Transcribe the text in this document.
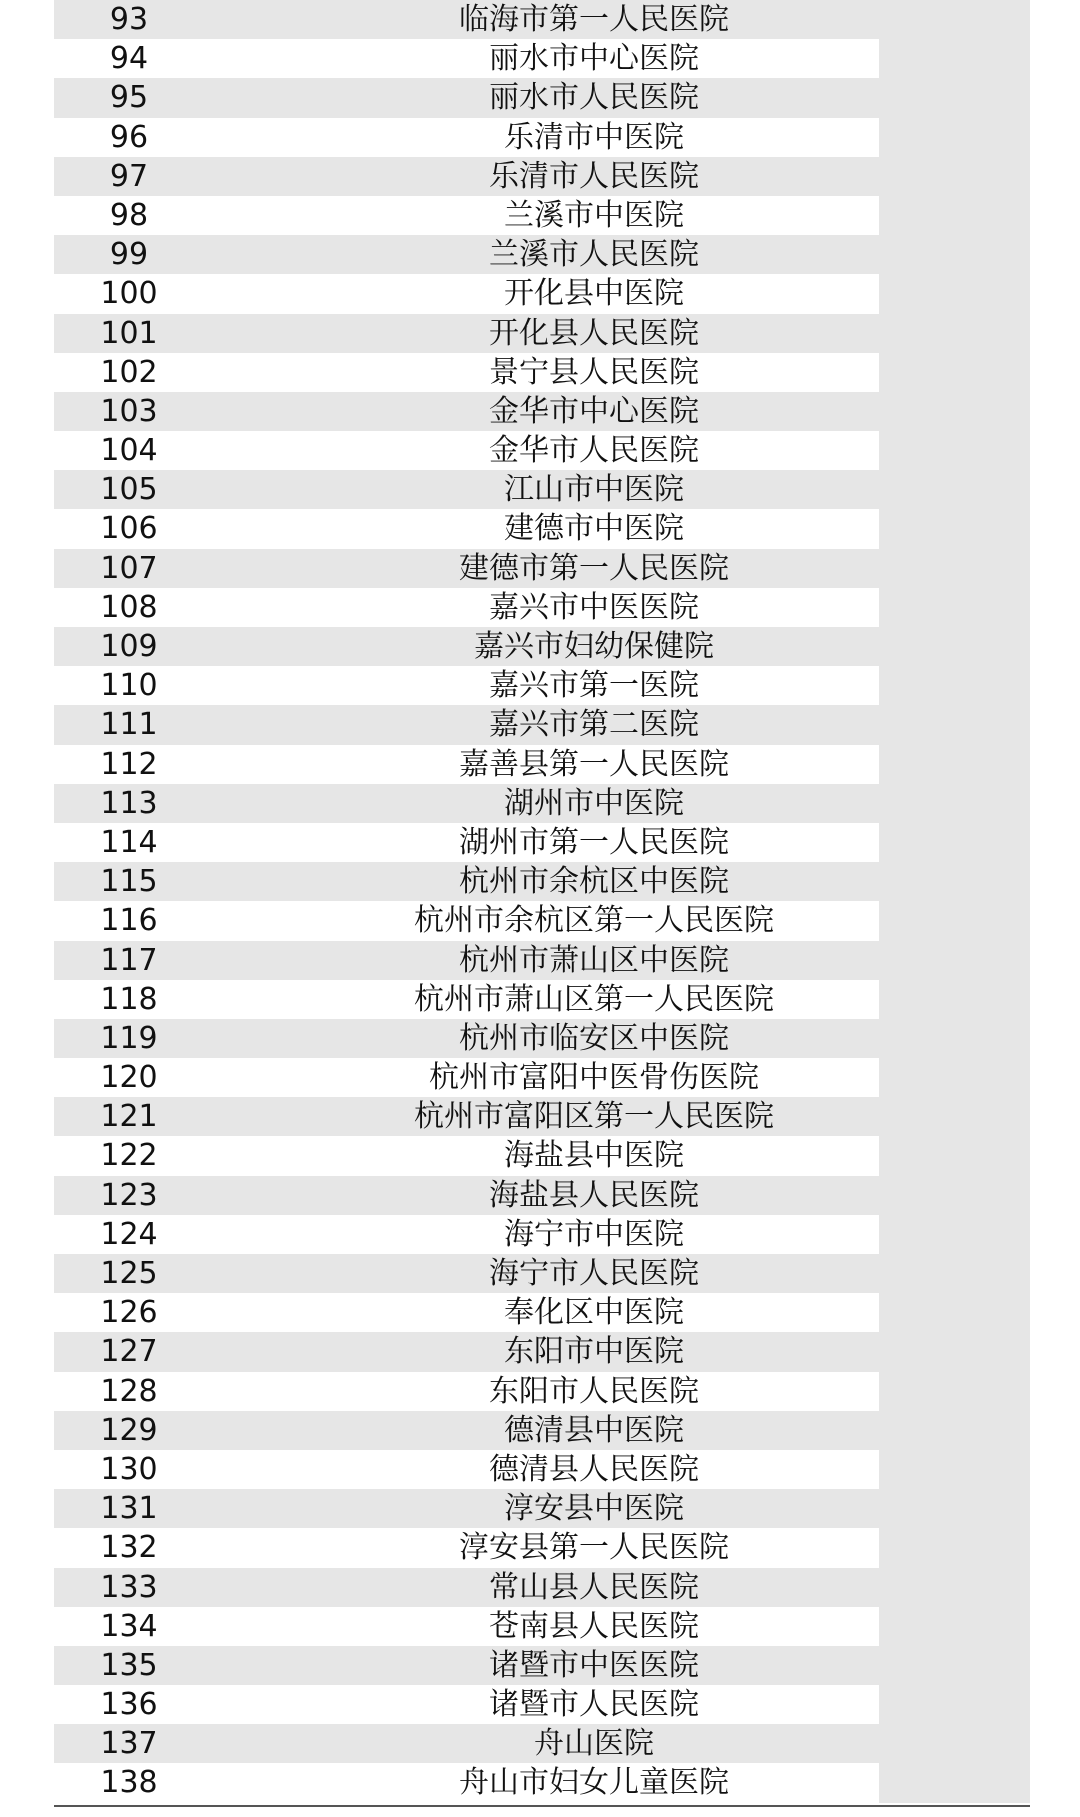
93	临海市第一人民医院
94	丽水市中心医院
95	丽水市人民医院
96	乐清市中医院
97	乐清市人民医院
98	兰溪市中医院
99	兰溪市人民医院
100	开化县中医院
101	开化县人民医院
102	景宁县人民医院
103	金华市中心医院
104	金华市人民医院
105	江山市中医院
106	建德市中医院
107	建德市第一人民医院
108	嘉兴市中医医院
109	嘉兴市妇幼保健院
110	嘉兴市第一医院
111	嘉兴市第二医院
112	嘉善县第一人民医院
113	湖州市中医院
114	湖州市第一人民医院
115	杭州市余杭区中医院
116	杭州市余杭区第一人民医院
117	杭州市萧山区中医院
118	杭州市萧山区第一人民医院
119	杭州市临安区中医院
120	杭州市富阳中医骨伤医院
121	杭州市富阳区第一人民医院
122	海盐县中医院
123	海盐县人民医院
124	海宁市中医院
125	海宁市人民医院
126	奉化区中医院
127	东阳市中医院
128	东阳市人民医院
129	德清县中医院
130	德清县人民医院
131	淳安县中医院
132	淳安县第一人民医院
133	常山县人民医院
134	苍南县人民医院
135	诸暨市中医医院
136	诸暨市人民医院
137	舟山医院
138	舟山市妇女儿童医院
